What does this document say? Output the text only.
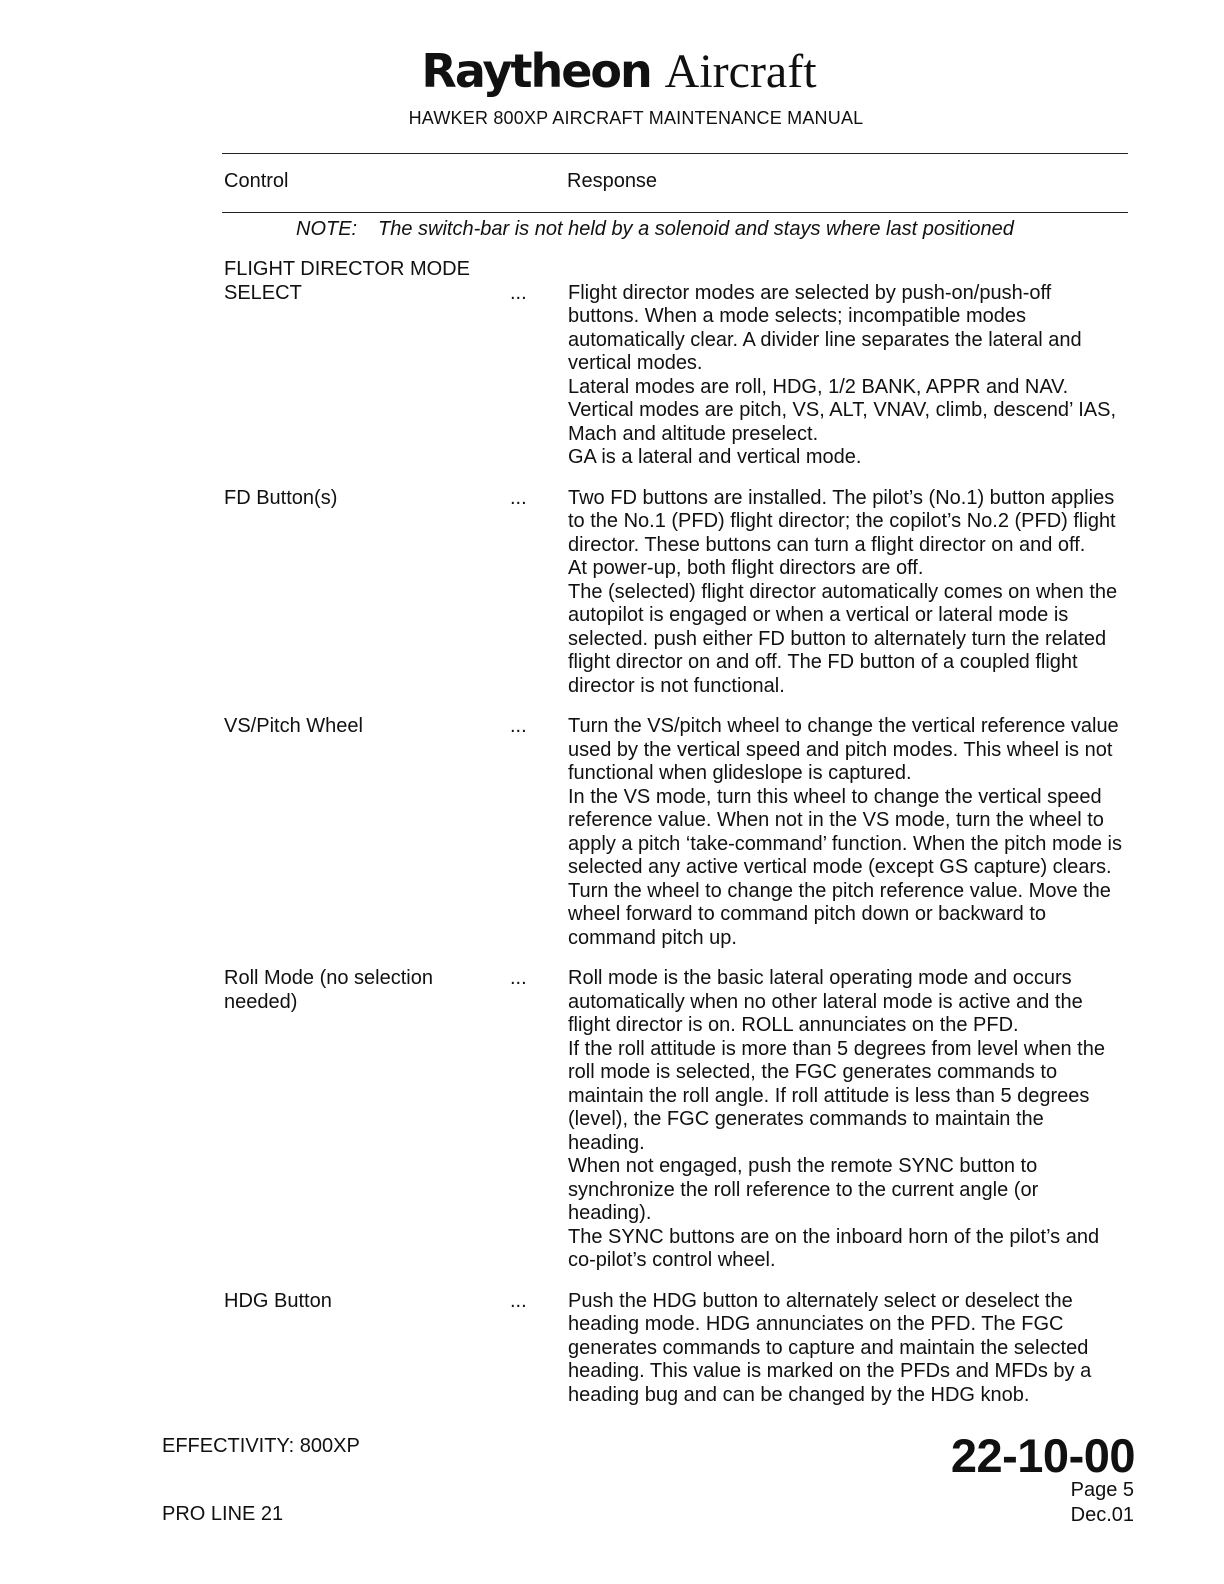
Raytheon Aircraft
HAWKER 800XP AIRCRAFT MAINTENANCE MANUAL
Control	Response
NOTE: The switch-bar is not held by a solenoid and stays where last positioned
FLIGHT DIRECTOR MODE
SELECT	...	Flight director modes are selected by push-on/push-off buttons. When a mode selects; incompatible modes automatically clear. A divider line separates the lateral and vertical modes.

Lateral modes are roll, HDG, 1/2 BANK, APPR and NAV.

Vertical modes are pitch, VS, ALT, VNAV, climb, descend’ IAS, Mach and altitude preselect.

GA is a lateral and vertical mode.

FD Button(s)	...	Two FD buttons are installed. The pilot’s (No.1) button applies to the No.1 (PFD) flight director; the copilot’s No.2 (PFD) flight director. These buttons can turn a flight director on and off.

At power-up, both flight directors are off.

The (selected) flight director automatically comes on when the autopilot is engaged or when a vertical or lateral mode is selected. push either FD button to alternately turn the related flight director on and off. The FD button of a coupled flight director is not functional.

VS/Pitch Wheel	...	Turn the VS/pitch wheel to change the vertical reference value used by the vertical speed and pitch modes. This wheel is not functional when glideslope is captured.

In the VS mode, turn this wheel to change the vertical speed reference value. When not in the VS mode, turn the wheel to apply a pitch ‘take-command’ function. When the pitch mode is selected any active vertical mode (except GS capture) clears. Turn the wheel to change the pitch reference value. Move the wheel forward to command pitch down or backward to command pitch up.

Roll Mode (no selection
needed)
...	Roll mode is the basic lateral operating mode and occurs automatically when no other lateral mode is active and the flight director is on. ROLL annunciates on the PFD.

If the roll attitude is more than 5 degrees from level when the roll mode is selected, the FGC generates commands to maintain the roll angle. If roll attitude is less than 5 degrees (level), the FGC generates commands to maintain the heading.

When not engaged, push the remote SYNC button to synchronize the roll reference to the current angle (or heading).

The SYNC buttons are on the inboard horn of the pilot’s and co-pilot’s control wheel.

HDG Button	...	Push the HDG button to alternately select or deselect the heading mode. HDG annunciates on the PFD. The FGC generates commands to capture and maintain the selected heading. This value is marked on the PFDs and MFDs by a heading bug and can be changed by the HDG knob.

EFFECTIVITY: 800XP
PRO LINE 21
22-10-00
Page 5
Dec.01
